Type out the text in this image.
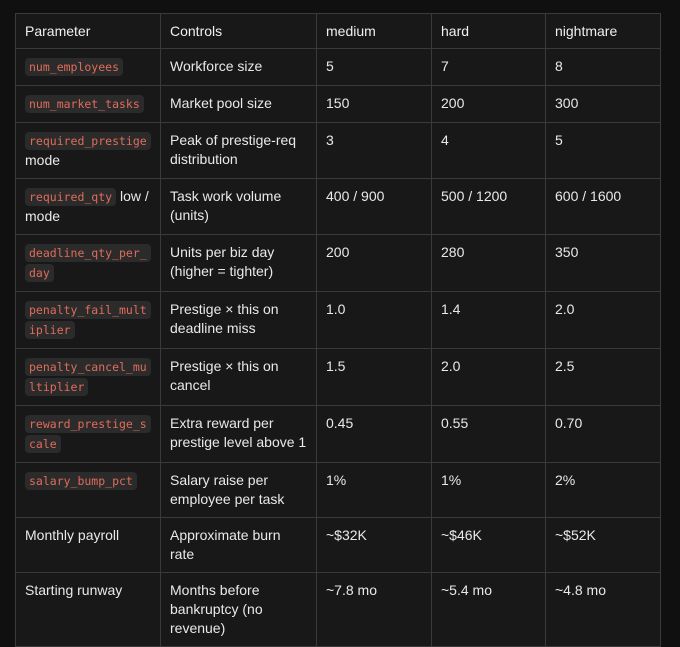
Parameter	Controls	medium	hard	nightmare
num_employees	Workforce size	5	7	8
num_market_tasks	Market pool size	150	200	300
required_prestige mode	Peak of prestige-req distribution	3	4	5
required_qty low / mode	Task work volume (units)	400 / 900	500 / 1200	600 / 1600
deadline_qty_per_day	Units per biz day (higher = tighter)	200	280	350
penalty_fail_multiplier	Prestige × this on deadline miss	1.0	1.4	2.0
penalty_cancel_multiplier	Prestige × this on cancel	1.5	2.0	2.5
reward_prestige_scale	Extra reward per prestige level above 1	0.45	0.55	0.70
salary_bump_pct	Salary raise per employee per task	1%	1%	2%
Monthly payroll	Approximate burn rate	~$32K	~$46K	~$52K
Starting runway	Months before bankruptcy (no revenue)	~7.8 mo	~5.4 mo	~4.8 mo
